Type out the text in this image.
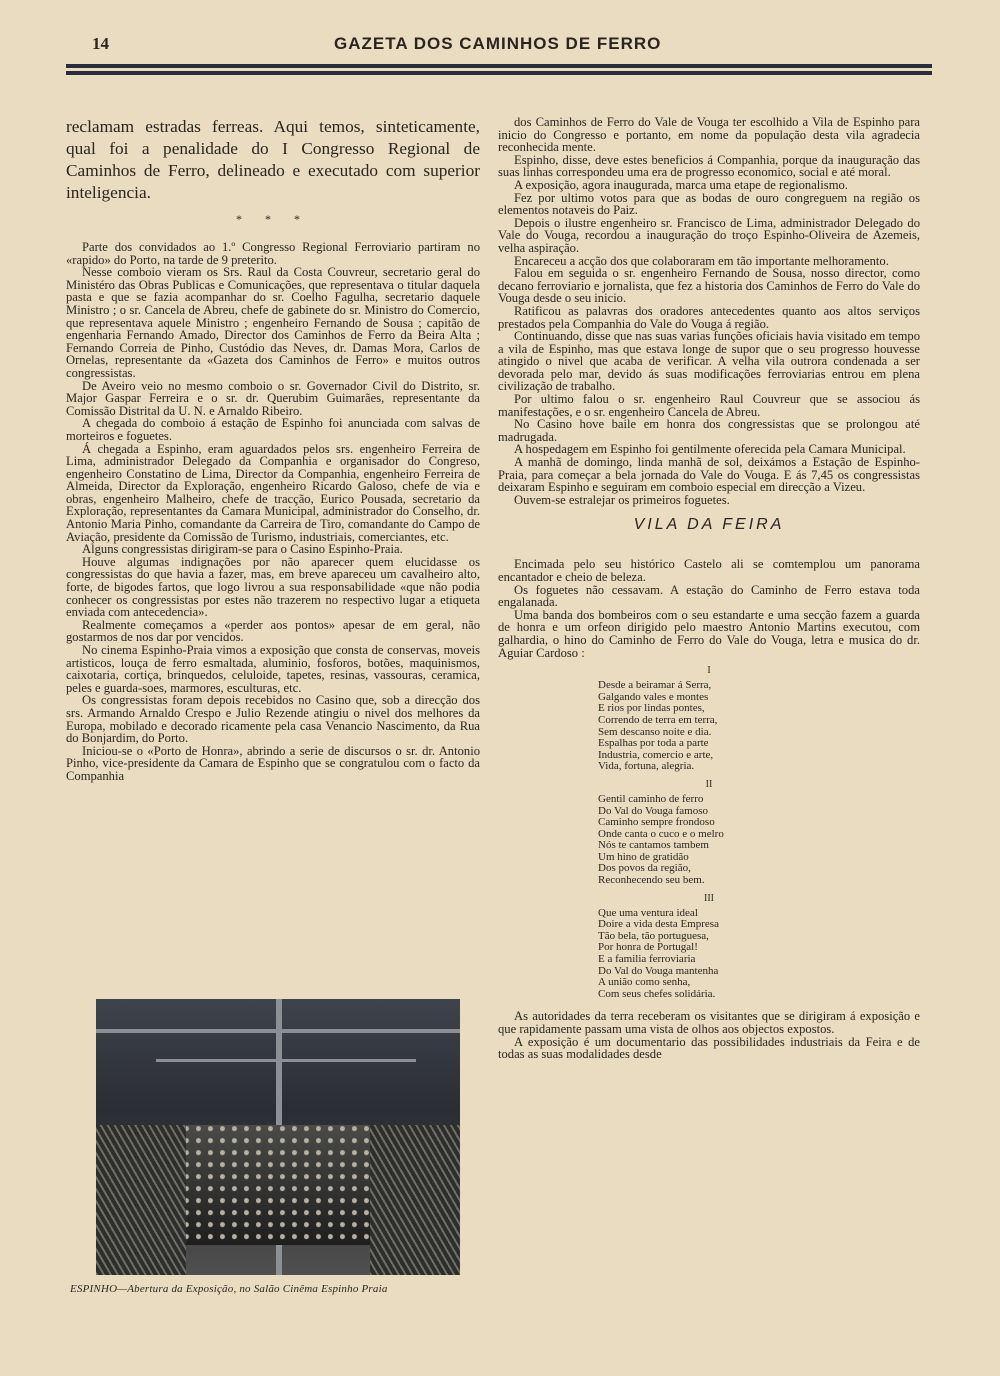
14	GAZETA DOS CAMINHOS DE FERRO

reclamam estradas ferreas. Aqui temos, sinteticamente, qual foi a penalidade do I Congresso Regional de Caminhos de Ferro, delineado e executado com superior inteligencia.

* * *

Parte dos convidados ao 1.º Congresso Regional Ferroviario partiram no «rapido» do Porto, na tarde de 9 preterito.

Nesse comboio vieram os Srs. Raul da Costa Couvreur, secretario geral do Ministéro das Obras Publicas e Comunicações, que representava o titular daquela pasta e que se fazia acompanhar do sr. Coelho Fagulha, secretario daquele Ministro ; o sr. Cancela de Abreu, chefe de gabinete do sr. Ministro do Comercio, que representava aquele Ministro ; engenheiro Fernando de Sousa ; capitão de engenharia Fernando Amado, Director dos Caminhos de Ferro da Beira Alta ; Fernando Correia de Pinho, Custódio das Neves, dr. Damas Mora, Carlos de Ornelas, representante da «Gazeta dos Caminhos de Ferro» e muitos outros congressistas.

De Aveiro veio no mesmo comboio o sr. Governador Civil do Distrito, sr. Major Gaspar Ferreira e o sr. dr. Querubim Guimarães, representante da Comissão Distrital da U. N. e Arnaldo Ribeiro.

A chegada do comboio á estação de Espinho foi anunciada com salvas de morteiros e foguetes.

Á chegada a Espinho, eram aguardados pelos srs. engenheiro Ferreira de Lima, administrador Delegado da Companhia e organisador do Congreso, engenheiro Constatino de Lima, Director da Companhia, engenheiro Ferreira de Almeida, Director da Exploração, engenheiro Ricardo Galoso, chefe de via e obras, engenheiro Malheiro, chefe de tracção, Eurico Pousada, secretario da Exploração, representantes da Camara Municipal, administrador do Conselho, dr. Antonio Maria Pinho, comandante da Carreira de Tiro, comandante do Campo de Aviação, presidente da Comissão de Turismo, industriais, comerciantes, etc.

Alguns congressistas dirigiram-se para o Casino Espinho-Praia.

Houve algumas indignações por não aparecer quem elucidasse os congressistas do que havia a fazer, mas, em breve apareceu um cavalheiro alto, forte, de bigodes fartos, que logo livrou a sua responsabilidade «que não podia conhecer os congressistas por estes não trazerem no respectivo lugar a etiqueta enviada com antecedencia».

Realmente começamos a «perder aos pontos» apesar de em geral, não gostarmos de nos dar por vencidos.

No cinema Espinho-Praia vimos a exposição que consta de conservas, moveis artisticos, louça de ferro esmaltada, aluminio, fosforos, botões, maquinismos, caixotaria, cortiça, brinquedos, celuloide, tapetes, resinas, vassouras, ceramica, peles e guarda-soes, marmores, esculturas, etc.

Os congressistas foram depois recebidos no Casino que, sob a direcção dos srs. Armando Arnaldo Crespo e Julio Rezende atingiu o nivel dos melhores da Europa, mobilado e decorado ricamente pela casa Venancio Nascimento, da Rua do Bonjardim, do Porto.

Iniciou-se o «Porto de Honra», abrindo a serie de discursos o sr. dr. Antonio Pinho, vice-presidente da Camara de Espinho que se congratulou com o facto da Companhia

ESPINHO—Abertura da Exposição, no Salão Cinêma Espinho Praia

dos Caminhos de Ferro do Vale de Vouga ter escolhido a Vila de Espinho para inicio do Congresso e portanto, em nome da população desta vila agradecia reconhecida mente.

Espinho, disse, deve estes beneficios á Companhia, porque da inauguração das suas linhas correspondeu uma era de progresso economico, social e até moral.

A exposição, agora inaugurada, marca uma etape de regionalismo.

Fez por ultimo votos para que as bodas de ouro congreguem na região os elementos notaveis do Paiz.

Depois o ilustre engenheiro sr. Francisco de Lima, administrador Delegado do Vale do Vouga, recordou a inauguração do troço Espinho-Oliveira de Azemeis, velha aspiração.

Encareceu a acção dos que colaboraram em tão importante melhoramento.

Falou em seguida o sr. engenheiro Fernando de Sousa, nosso director, como decano ferroviario e jornalista, que fez a historia dos Caminhos de Ferro do Vale do Vouga desde o seu inicio.

Ratificou as palavras dos oradores antecedentes quanto aos altos serviços prestados pela Companhia do Vale do Vouga á região.

Continuando, disse que nas suas varias funções oficiais havia visitado em tempo a vila de Espinho, mas que estava longe de supor que o seu progresso houvesse atingido o nivel que acaba de verificar. A velha vila outrora condenada a ser devorada pelo mar, devido ás suas modificações ferroviarias entrou em plena civilização de trabalho.

Por ultimo falou o sr. engenheiro Raul Couvreur que se associou ás manifestações, e o sr. engenheiro Cancela de Abreu.

No Casino hove baile em honra dos congressistas que se prolongou até madrugada.

A hospedagem em Espinho foi gentilmente oferecida pela Camara Municipal.

A manhã de domingo, linda manhã de sol, deixámos a Estação de Espinho-Praia, para começar a bela jornada do Vale do Vouga. E ás 7,45 os congressistas deixaram Espinho e seguiram em comboio especial em direcção a Vizeu.

Ouvem-se estralejar os primeiros foguetes.

VILA DA FEIRA

Encimada pelo seu histórico Castelo ali se comtemplou um panorama encantador e cheio de beleza.

Os foguetes não cessavam. A estação do Caminho de Ferro estava toda engalanada.

Uma banda dos bombeiros com o seu estandarte e uma secção fazem a guarda de honra e um orfeon dirigido pelo maestro Antonio Martins executou, com galhardia, o hino do Caminho de Ferro do Vale do Vouga, letra e musica do dr. Aguiar Cardoso :

I
Desde a beiramar á Serra,
Galgando vales e montes
E rios por lindas pontes,
Correndo de terra em terra,
Sem descanso noite e dia.
Espalhas por toda a parte
Industria, comercio e arte,
Vida, fortuna, alegria.
II
Gentil caminho de ferro
Do Val do Vouga famoso
Caminho sempre frondoso
Onde canta o cuco e o melro
Nós te cantamos tambem
Um hino de gratidão
Dos povos da região,
Reconhecendo seu bem.
III
Que uma ventura ideal
Doire a vida desta Empresa
Tão bela, tão portuguesa,
Por honra de Portugal!
E a familia ferroviaria
Do Val do Vouga mantenha
A união como senha,
Com seus chefes solidária.

As autoridades da terra receberam os visitantes que se dirigiram á exposição e que rapidamente passam uma vista de olhos aos objectos expostos.

A exposição é um documentario das possibilidades industriais da Feira e de todas as suas modalidades desde
